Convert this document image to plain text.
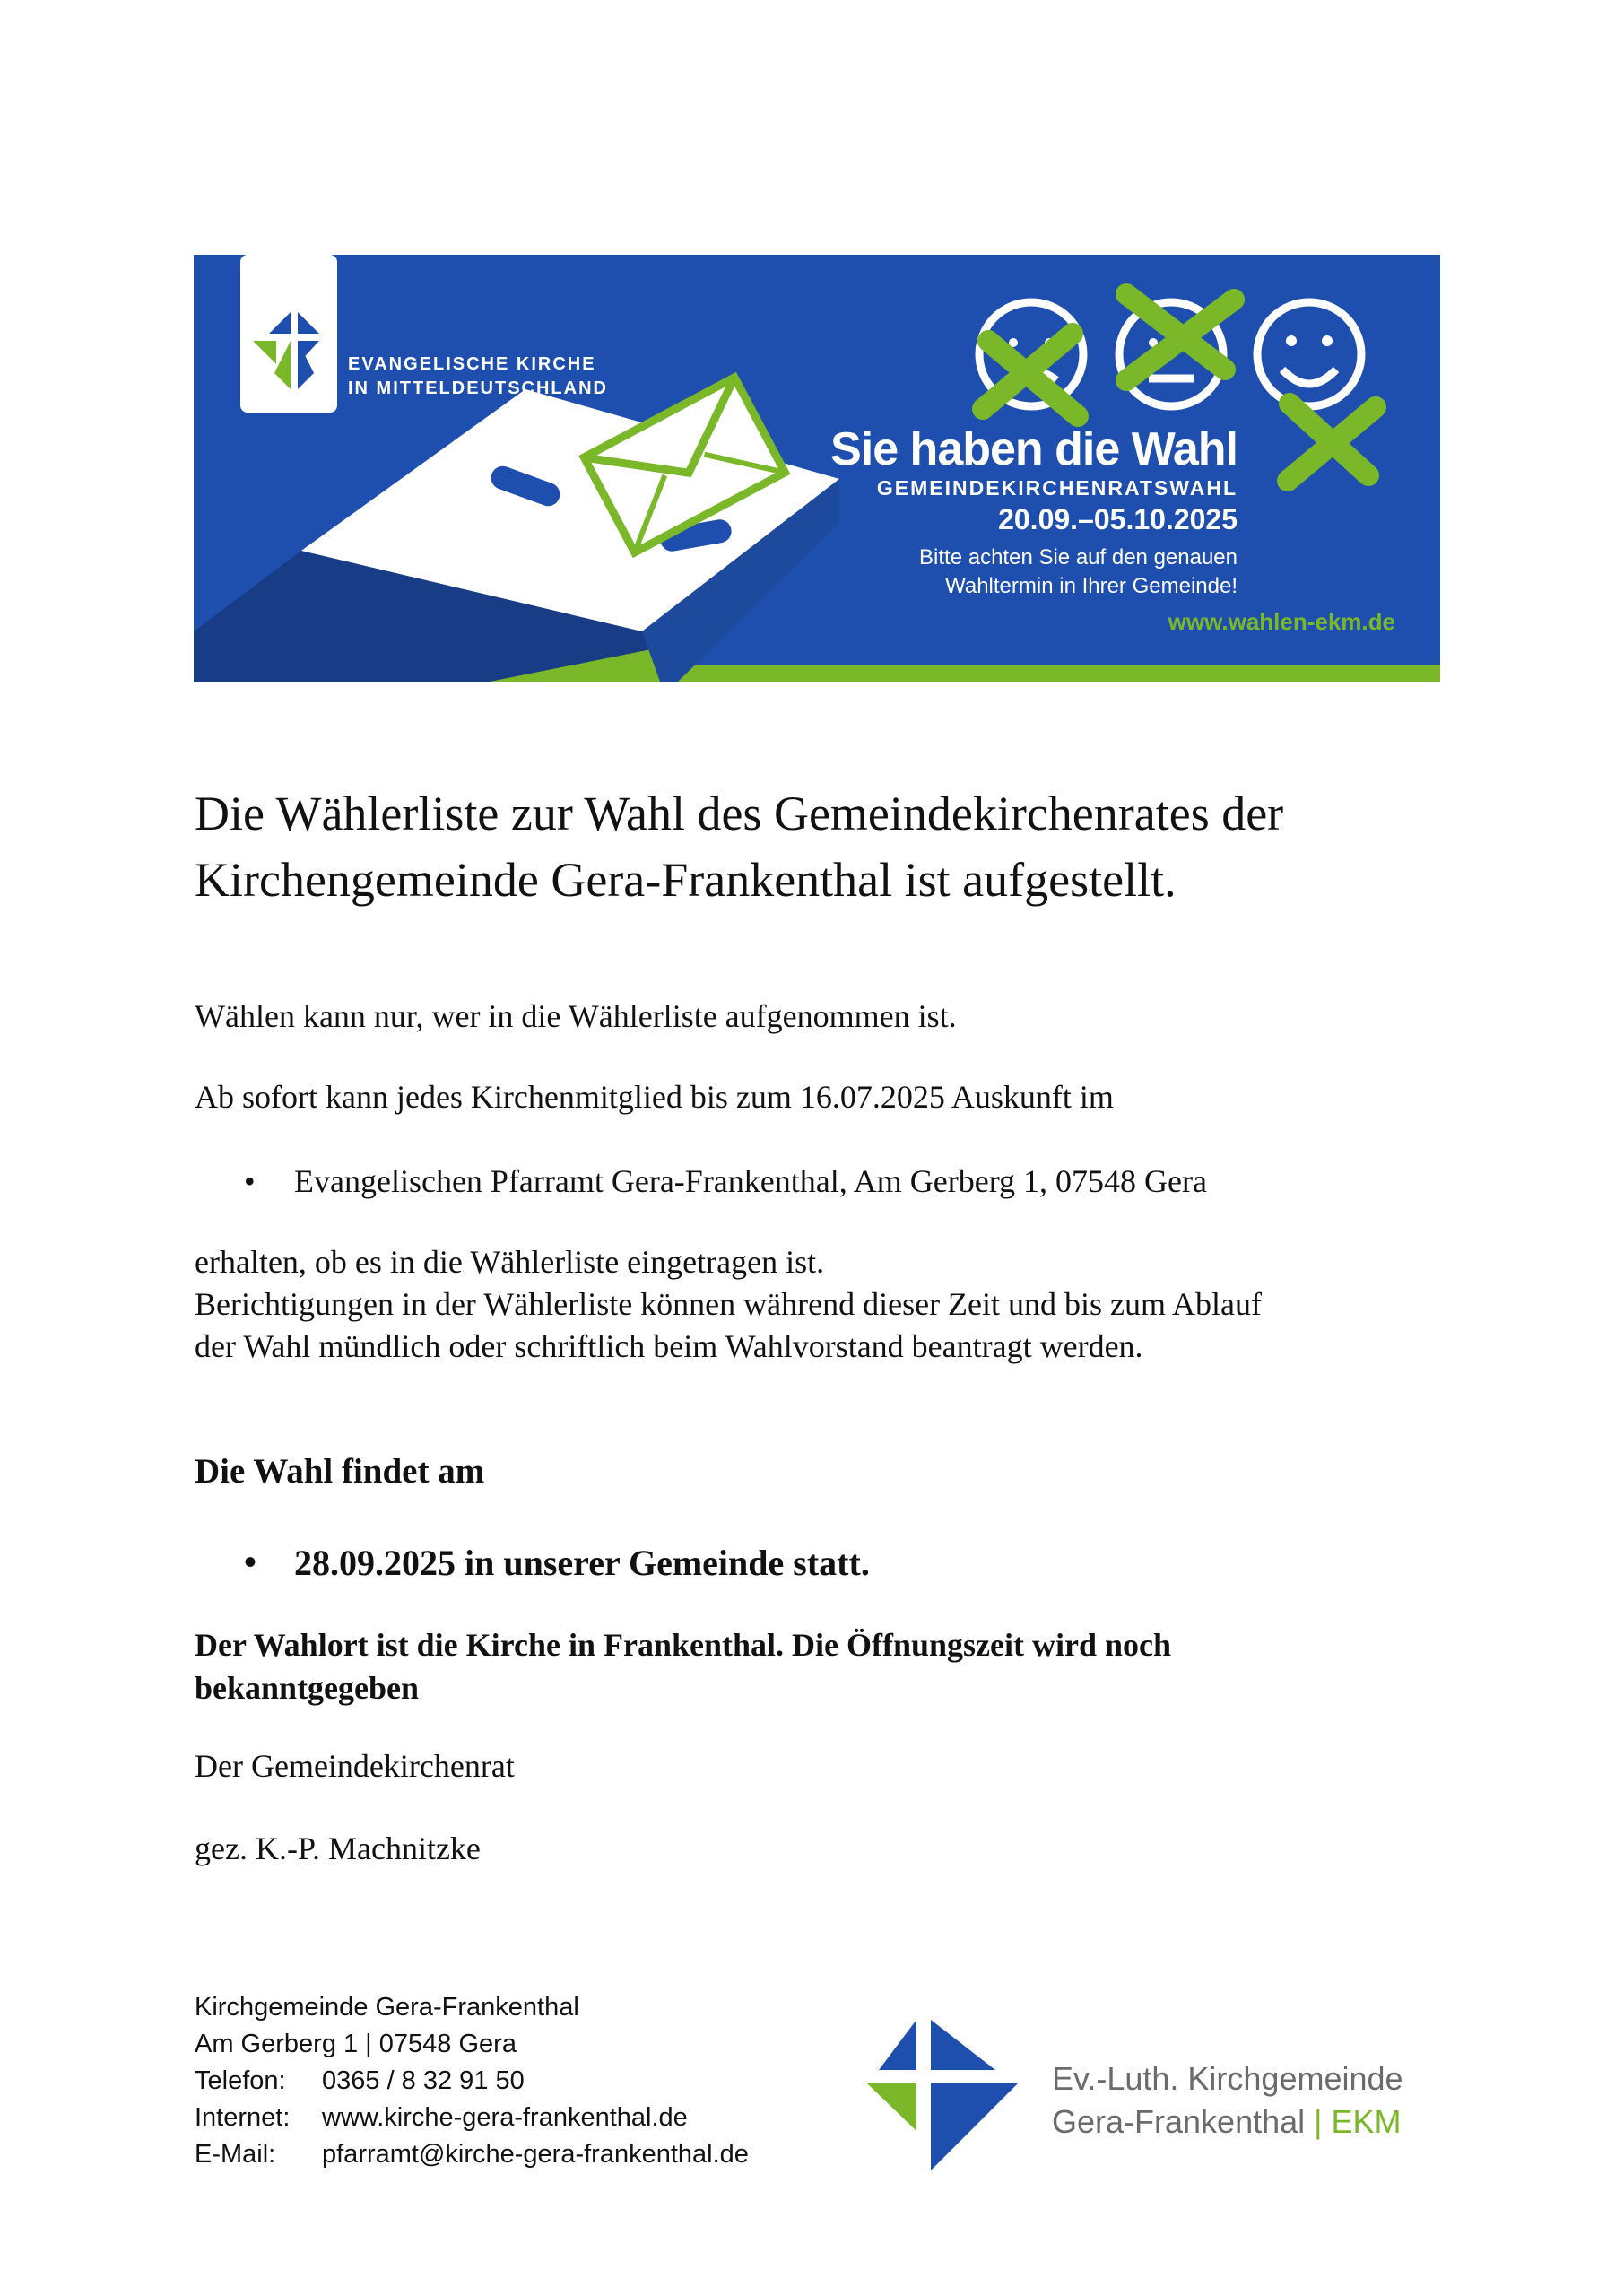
EVANGELISCHE KIRCHE
IN MITTELDEUTSCHLAND
Sie haben die Wahl
GEMEINDEKIRCHENRATSWAHL
20.09.–05.10.2025
Bitte achten Sie auf den genauen
Wahltermin in Ihrer Gemeinde!
www.wahlen-ekm.de
Die Wählerliste zur Wahl des Gemeindekirchenrates der
Kirchengemeinde Gera-Frankenthal ist aufgestellt.

Wählen kann nur, wer in die Wählerliste aufgenommen ist.

Ab sofort kann jedes Kirchenmitglied bis zum 16.07.2025 Auskunft im

• Evangelischen Pfarramt Gera-Frankenthal, Am Gerberg 1, 07548 Gera

erhalten, ob es in die Wählerliste eingetragen ist.
Berichtigungen in der Wählerliste können während dieser Zeit und bis zum Ablauf
der Wahl mündlich oder schriftlich beim Wahlvorstand beantragt werden.

Die Wahl findet am
• 28.09.2025 in unserer Gemeinde statt.

Der Wahlort ist die Kirche in Frankenthal. Die Öffnungszeit wird noch
bekanntgegeben

Der Gemeindekirchenrat

gez. K.-P. Machnitzke

Kirchgemeinde Gera-Frankenthal
Am Gerberg 1 | 07548 Gera
Telefon:	0365 / 8 32 91 50
Internet:	www.kirche-gera-frankenthal.de
E-Mail:	pfarramt@kirche-gera-frankenthal.de
Ev.-Luth. Kirchgemeinde
Gera-Frankenthal | EKM
